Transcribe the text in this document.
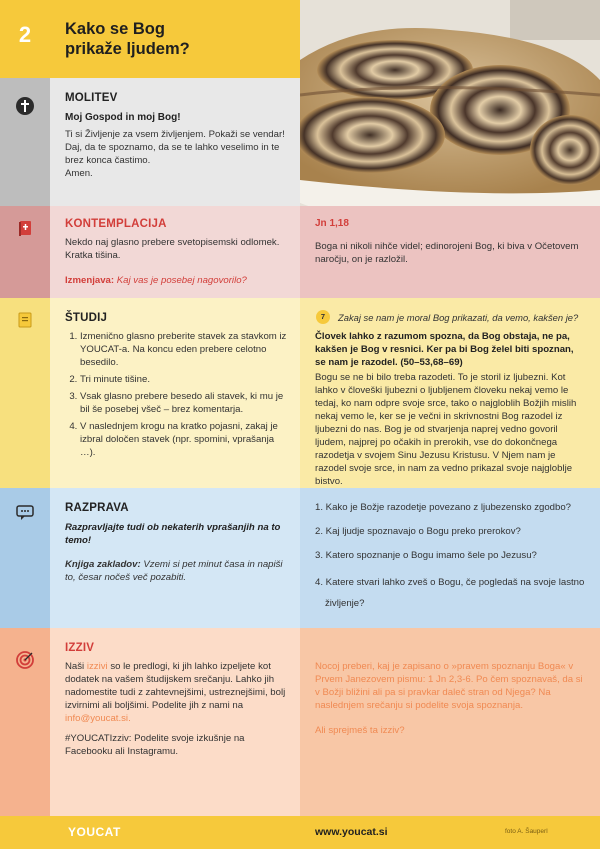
2	Kako se Bog
prikaže ljudem?
MOLITEV
Moj Gospod in moj Bog!
Ti si Življenje za vsem življenjem. Pokaži se vendar!
Daj, da te spoznamo, da se te lahko veselimo in te
brez konca častimo.
Amen.
KONTEMPLACIJA
Nekdo naj glasno prebere svetopisemski odlomek. Kratka tišina.
Izmenjava: Kaj vas je posebej nagovorilo?
Jn 1,18
Boga ni nikoli nihče videl; edinorojeni Bog, ki biva v Očetovem naročju, on je razložil.
ŠTUDIJ
1. Izmenično glasno preberite stavek za stavkom iz YOUCAT-a. Na koncu eden prebere celotno besedilo.
2. Tri minute tišine.
3. Vsak glasno prebere besedo ali stavek, ki mu je bil še posebej všeč – brez komentarja.
4. V naslednjem krogu na kratko pojasni, zakaj je izbral določen stavek (npr. spomini, vprašanja …).
7	Zakaj se nam je moral Bog prikazati, da vemo, kakšen je?
Človek lahko z razumom spozna, da Bog obstaja, ne pa, kakšen je Bog v resnici. Ker pa bi Bog želel biti spoznan, se nam je razodel. (50–53,68–69)
Bogu se ne bi bilo treba razodeti. To je storil iz ljubezni. Kot lahko v človeški ljubezni o ljubljenem človeku nekaj vemo le tedaj, ko nam odpre svoje srce, tako o najgloblih Božjih mislih nekaj vemo le, ker se je večni in skrivnostni Bog razodel iz ljubezni do nas. Bog je od stvarjenja naprej vedno govoril ljudem, najprej po očakih in prerokih, vse do dokončnega razodetja v svojem Sinu Jezusu Kristusu. V Njem nam je razodel svoje srce, in nam za vedno prikazal svoje najgloblje bistvo.
RAZPRAVA
Razpravljajte tudi ob nekaterih vprašanjih na to temo!
Knjiga zakladov: Vzemi si pet minut časa in napiši to, česar nočeš več pozabiti.
1. Kako je Božje razodetje povezano z ljubezensko zgodbo?
2. Kaj ljudje spoznavajo o Bogu preko prerokov?
3. Katero spoznanje o Bogu imamo šele po Jezusu?
4. Katere stvari lahko zveš o Bogu, če pogledaš na svoje lastno življenje?
IZZIV
Naši izzivi so le predlogi, ki jih lahko izpeljete kot dodatek na vašem študijskem srečanju. Lahko jih nadomestite tudi z zahtevnejšimi, ustreznejšimi, bolj izvirnimi ali boljšimi. Podelite jih z nami na info@youcat.si.
#YOUCATIzziv: Podelite svoje izkušnje na Facebooku ali Instagramu.
Nocoj preberi, kaj je zapisano o »pravem spoznanju Boga« v Prvem Janezovem pismu: 1 Jn 2,3-6. Po čem spoznavaš, da si v Božji bližini ali pa si pravkar daleč stran od Njega? Na naslednjem srečanju si podelite svoja spoznanja.
Ali sprejmeš ta izziv?
YOUCAT	www.youcat.si	foto A. Šauperl
